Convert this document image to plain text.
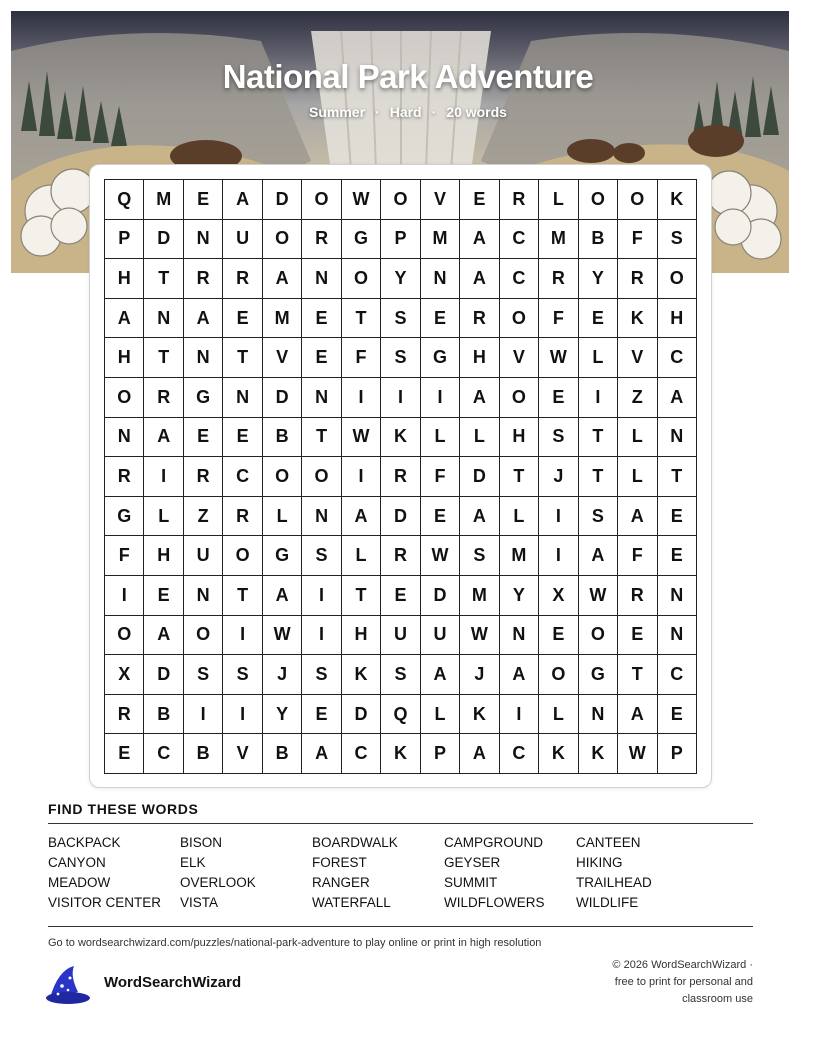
National Park Adventure
Summer · Hard · 20 words
Q	M	E	A	D	O	W	O	V	E	R	L	O	O	K
P	D	N	U	O	R	G	P	M	A	C	M	B	F	S
H	T	R	R	A	N	O	Y	N	A	C	R	Y	R	O
A	N	A	E	M	E	T	S	E	R	O	F	E	K	H
H	T	N	T	V	E	F	S	G	H	V	W	L	V	C
O	R	G	N	D	N	I	I	I	A	O	E	I	Z	A
N	A	E	E	B	T	W	K	L	L	H	S	T	L	N
R	I	R	C	O	O	I	R	F	D	T	J	T	L	T
G	L	Z	R	L	N	A	D	E	A	L	I	S	A	E
F	H	U	O	G	S	L	R	W	S	M	I	A	F	E
I	E	N	T	A	I	T	E	D	M	Y	X	W	R	N
O	A	O	I	W	I	H	U	U	W	N	E	O	E	N
X	D	S	S	J	S	K	S	A	J	A	O	G	T	C
R	B	I	I	Y	E	D	Q	L	K	I	L	N	A	E
E	C	B	V	B	A	C	K	P	A	C	K	K	W	P
FIND THESE WORDS
BACKPACK	BISON	BOARDWALK	CAMPGROUND	CANTEEN
CANYON	ELK	FOREST	GEYSER	HIKING
MEADOW	OVERLOOK	RANGER	SUMMIT	TRAILHEAD
VISITOR CENTER	VISTA	WATERFALL	WILDFLOWERS	WILDLIFE
Go to wordsearchwizard.com/puzzles/national-park-adventure to play online or print in high resolution
WordSearchWizard
© 2026 WordSearchWizard ·
free to print for personal and
classroom use
